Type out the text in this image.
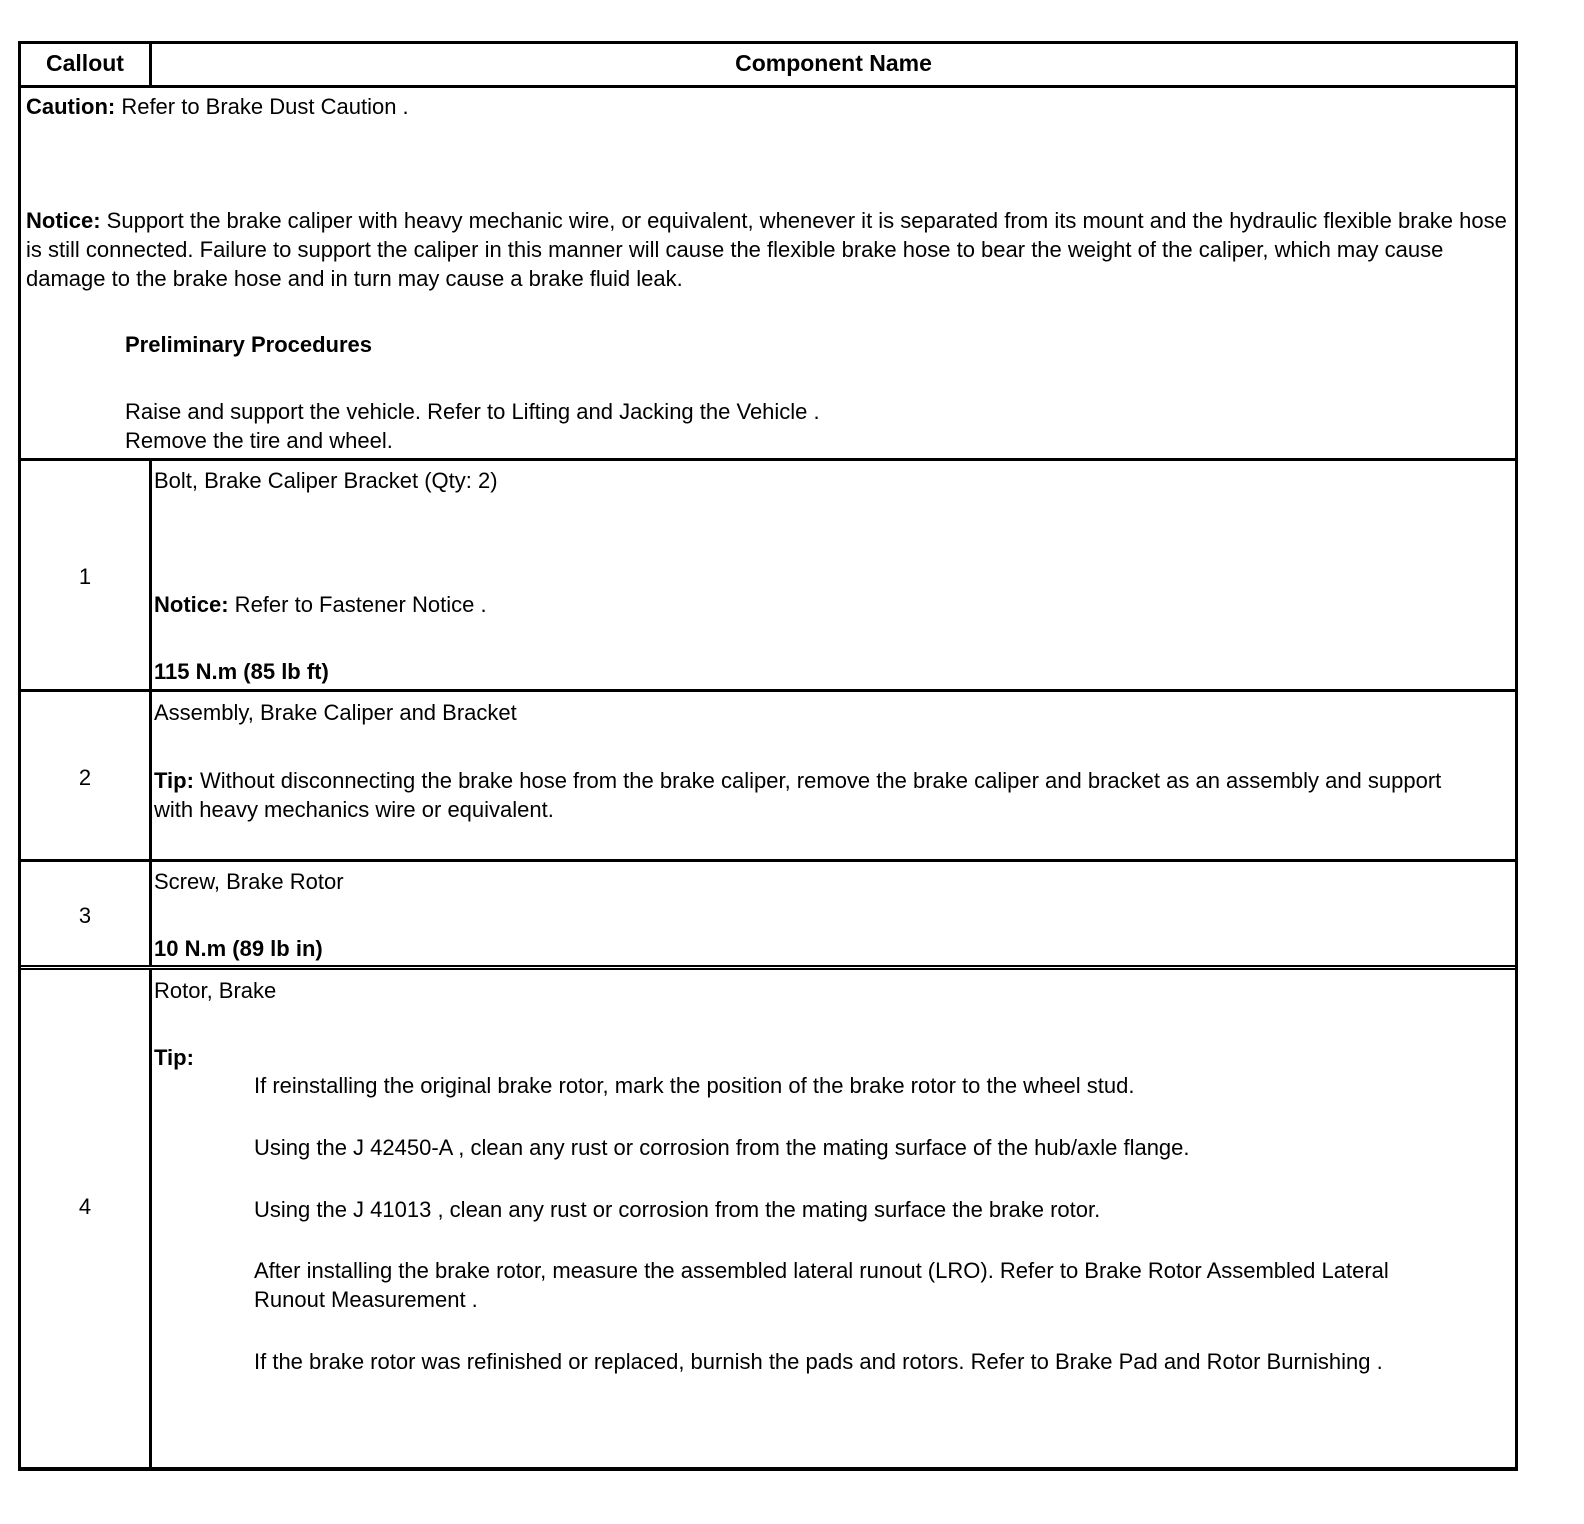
Callout	Component Name
Caution: Refer to Brake Dust Caution .
Notice: Support the brake caliper with heavy mechanic wire, or equivalent, whenever it is separated from its mount and the hydraulic flexible brake hose is still connected. Failure to support the caliper in this manner will cause the flexible brake hose to bear the weight of the caliper, which may cause damage to the brake hose and in turn may cause a brake fluid leak.
Preliminary Procedures

Raise and support the vehicle. Refer to Lifting and Jacking the Vehicle .

Remove the tire and wheel.

1
Bolt, Brake Caliper Bracket (Qty: 2)
Notice: Refer to Fastener Notice .
115 N.m (85 lb ft)
2
Assembly, Brake Caliper and Bracket
Tip: Without disconnecting the brake hose from the brake caliper, remove the brake caliper and bracket as an assembly and support with heavy mechanics wire or equivalent.
3
Screw, Brake Rotor
10 N.m (89 lb in)
4
Rotor, Brake
Tip:
If reinstalling the original brake rotor, mark the position of the brake rotor to the wheel stud.
Using the J 42450-A , clean any rust or corrosion from the mating surface of the hub/axle flange.
Using the J 41013 , clean any rust or corrosion from the mating surface the brake rotor.
After installing the brake rotor, measure the assembled lateral runout (LRO). Refer to Brake Rotor Assembled Lateral Runout Measurement .
If the brake rotor was refinished or replaced, burnish the pads and rotors. Refer to Brake Pad and Rotor Burnishing .
